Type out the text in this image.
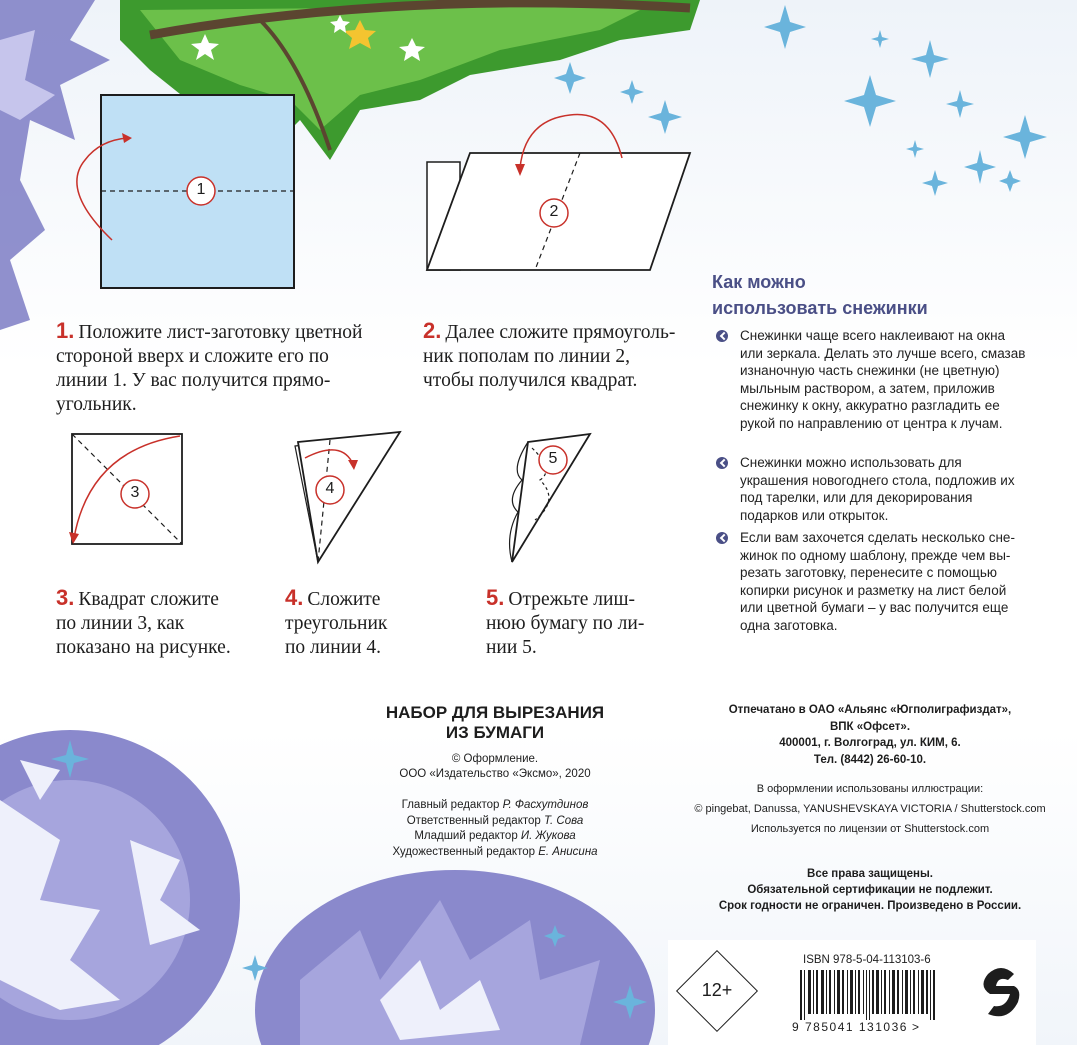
1
2
3	4
5
1. Положите лист-заготовку цветной
стороной вверх и сложите его по
линии 1. У вас получится прямо-
угольник.
2. Далее сложите прямоуголь-
ник пополам по линии 2,
чтобы получился квадрат.
3. Квадрат сложите
по линии 3, как
показано на рисунке.
4. Сложите
треугольник
по линии 4.
5. Отрежьте лиш-
нюю бумагу по ли-
нии 5.
Как можно
использовать снежинки
Снежинки чаще всего наклеивают на окна или зеркала. Делать это лучше всего, смазав изнаночную часть снежинки (не цветную) мыльным раствором, а затем, приложив снежинку к окну, аккуратно разгладить ее рукой по направлению от центра к лучам.
Снежинки можно использовать для украшения новогоднего стола, подложив их под тарелки, или для декорирования подарков или открыток.
Если вам захочется сделать несколько сне-жинок по одному шаблону, прежде чем вы-резать заготовку, перенесите с помощью копирки рисунок и разметку на лист белой или цветной бумаги – у вас получится еще одна заготовка.
НАБОР ДЛЯ ВЫРЕЗАНИЯ
ИЗ БУМАГИ
© Оформление.
ООО «Издательство «Эксмо», 2020
Главный редактор Р. Фасхутдинов
Ответственный редактор Т. Сова
Младший редактор И. Жукова
Художественный редактор Е. Анисина
Отпечатано в ОАО «Альянс «Югполиграфиздат»,
ВПК «Офсет».
400001, г. Волгоград, ул. КИМ, 6.
Тел. (8442) 26-60-10.
В оформлении использованы иллюстрации:
© pingebat, Danussa, YANUSHEVSKAYA VICTORIA / Shutterstock.com
Используется по лицензии от Shutterstock.com
Все права защищены.
Обязательной сертификации не подлежит.
Срок годности не ограничен. Произведено в России.
12+
ISBN 978-5-04-113103-6
9 785041 131036 >
